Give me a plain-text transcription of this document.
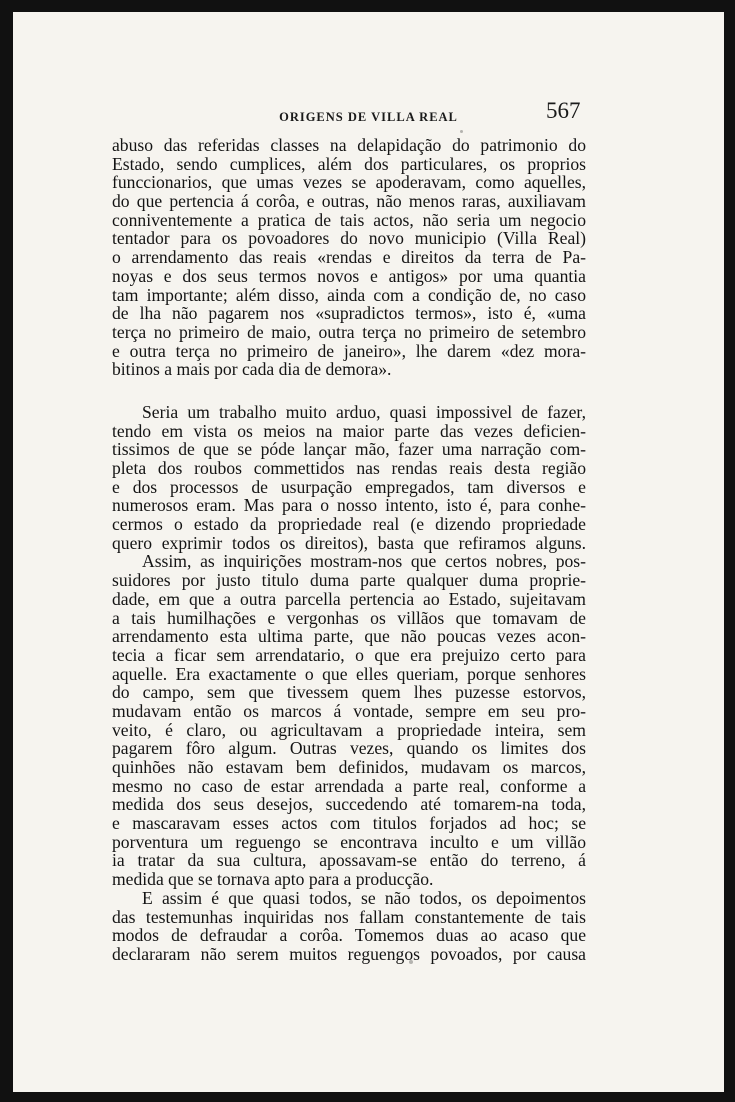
ORIGENS DE VILLA REAL	567
abuso das referidas classes na delapidação do patrimonio do
Estado, sendo cumplices, além dos particulares, os proprios
funccionarios, que umas vezes se apoderavam, como aquelles,
do que pertencia á corôa, e outras, não menos raras, auxiliavam
conniventemente a pratica de tais actos, não seria um negocio
tentador para os povoadores do novo municipio (Villa Real)
o arrendamento das reais «rendas e direitos da terra de Pa-
noyas e dos seus termos novos e antigos» por uma quantia
tam importante; além disso, ainda com a condição de, no caso
de lha não pagarem nos «supradictos termos», isto é, «uma
terça no primeiro de maio, outra terça no primeiro de setembro
e outra terça no primeiro de janeiro», lhe darem «dez mora-
bitinos a mais por cada dia de demora».
Seria um trabalho muito arduo, quasi impossivel de fazer,
tendo em vista os meios na maior parte das vezes deficien-
tissimos de que se póde lançar mão, fazer uma narração com-
pleta dos roubos commettidos nas rendas reais desta região
e dos processos de usurpação empregados, tam diversos e
numerosos eram. Mas para o nosso intento, isto é, para conhe-
cermos o estado da propriedade real (e dizendo propriedade
quero exprimir todos os direitos), basta que refiramos alguns.
Assim, as inquirições mostram-nos que certos nobres, pos-
suidores por justo titulo duma parte qualquer duma proprie-
dade, em que a outra parcella pertencia ao Estado, sujeitavam
a tais humilhações e vergonhas os villãos que tomavam de
arrendamento esta ultima parte, que não poucas vezes acon-
tecia a ficar sem arrendatario, o que era prejuizo certo para
aquelle. Era exactamente o que elles queriam, porque senhores
do campo, sem que tivessem quem lhes puzesse estorvos,
mudavam então os marcos á vontade, sempre em seu pro-
veito, é claro, ou agricultavam a propriedade inteira, sem
pagarem fôro algum. Outras vezes, quando os limites dos
quinhões não estavam bem definidos, mudavam os marcos,
mesmo no caso de estar arrendada a parte real, conforme a
medida dos seus desejos, succedendo até tomarem-na toda,
e mascaravam esses actos com titulos forjados ad hoc; se
porventura um reguengo se encontrava inculto e um villão
ia tratar da sua cultura, apossavam-se então do terreno, á
medida que se tornava apto para a producção.
E assim é que quasi todos, se não todos, os depoimentos
das testemunhas inquiridas nos fallam constantemente de tais
modos de defraudar a corôa. Tomemos duas ao acaso que
declararam não serem muitos reguengos povoados, por causa
